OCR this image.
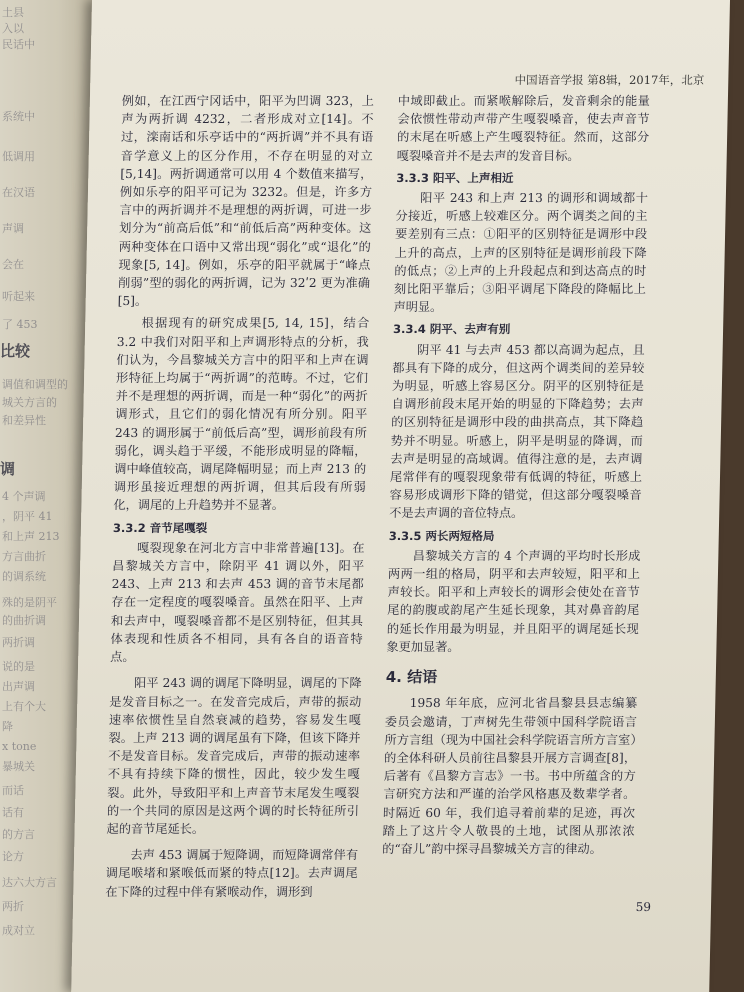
土县
入以
民话中
系统中
低调用
在汉语
声调
会在
听起来
了 453
比较
调值和调型的
城关方言的
和差异性
调
4 个声调
，阴平 41
和上声 213
方言曲折
的调系统
殊的是阴平
的曲折调
两折调
说的是
出声调
上有个大
降
x tone
暴城关
而话
话有
的方言
论方
达六大方言
两折
成对立
中国语音学报 第8辑，2017年，北京

例如，在江西宁冈话中，阳平为凹调 323，上声为两折调 4232，二者形成对立[14]。不过，滦南话和乐亭话中的“两折调”并不具有语音学意义上的区分作用，不存在明显的对立[5,14]。两折调通常可以用 4 个数值来描写，例如乐亭的阳平可记为 3232。但是，许多方言中的两折调并不是理想的两折调，可进一步划分为“前高后低”和“前低后高”两种变体。这两种变体在口语中又常出现“弱化”或“退化”的现象[5, 14]。例如，乐亭的阳平就属于“峰点削弱”型的弱化的两折调，记为 32ʹ2 更为准确[5]。

根据现有的研究成果[5, 14, 15]，结合 3.2 中我们对阳平和上声调形特点的分析，我们认为，今昌黎城关方言中的阳平和上声在调形特征上均属于“两折调”的范畴。不过，它们并不是理想的两折调，而是一种“弱化”的两折调形式，且它们的弱化情况有所分别。阳平 243 的调形属于“前低后高”型，调形前段有所弱化，调头趋于平缓，不能形成明显的降幅，调中峰值较高，调尾降幅明显；而上声 213 的调形虽接近理想的两折调，但其后段有所弱化，调尾的上升趋势并不显著。

3.3.2 音节尾嘎裂

嘎裂现象在河北方言中非常普遍[13]。在昌黎城关方言中，除阴平 41 调以外，阳平 243、上声 213 和去声 453 调的音节末尾都存在一定程度的嘎裂嗓音。虽然在阳平、上声和去声中，嘎裂嗓音都不是区别特征，但其具体表现和性质各不相同，具有各自的语音特点。

阳平 243 调的调尾下降明显，调尾的下降是发音目标之一。在发音完成后，声带的振动速率依惯性呈自然衰减的趋势，容易发生嘎裂。上声 213 调的调尾虽有下降，但该下降并不是发音目标。发音完成后，声带的振动速率不具有持续下降的惯性，因此，较少发生嘎裂。此外，导致阳平和上声音节末尾发生嘎裂的一个共同的原因是这两个调的时长特征所引起的音节尾延长。

去声 453 调属于短降调，而短降调常伴有调尾喉堵和紧喉低而紧的特点[12]。去声调尾在下降的过程中伴有紧喉动作，调形到

中域即截止。而紧喉解除后，发音剩余的能量会依惯性带动声带产生嘎裂嗓音，使去声音节的末尾在听感上产生嘎裂特征。然而，这部分嘎裂嗓音并不是去声的发音目标。

3.3.3 阳平、上声相近

阳平 243 和上声 213 的调形和调域都十分接近，听感上较难区分。两个调类之间的主要差别有三点：①阳平的区别特征是调形中段上升的高点，上声的区别特征是调形前段下降的低点；②上声的上升段起点和到达高点的时刻比阳平靠后；③阳平调尾下降段的降幅比上声明显。

3.3.4 阴平、去声有别

阴平 41 与去声 453 都以高调为起点，且都具有下降的成分，但这两个调类间的差异较为明显，听感上容易区分。阴平的区别特征是自调形前段末尾开始的明显的下降趋势；去声的区别特征是调形中段的曲拱高点，其下降趋势并不明显。听感上，阴平是明显的降调，而去声是明显的高域调。值得注意的是，去声调尾常伴有的嘎裂现象带有低调的特征，听感上容易形成调形下降的错觉，但这部分嘎裂嗓音不是去声调的音位特点。

3.3.5 两长两短格局

昌黎城关方言的 4 个声调的平均时长形成两两一组的格局，阴平和去声较短，阳平和上声较长。阳平和上声较长的调形会使处在音节尾的韵腹或韵尾产生延长现象，其对鼻音韵尾的延长作用最为明显，并且阳平的调尾延长现象更加显著。

4. 结语

1958 年年底，应河北省昌黎县县志编纂委员会邀请，丁声树先生带领中国科学院语言所方言组（现为中国社会科学院语言所方言室）的全体科研人员前往昌黎县开展方言调查[8]，后著有《昌黎方言志》一书。书中所蕴含的方言研究方法和严谨的治学风格惠及数辈学者。时隔近 60 年，我们追寻着前辈的足迹，再次踏上了这片令人敬畏的土地，试图从那浓浓的“奋儿”韵中探寻昌黎城关方言的律动。

59
